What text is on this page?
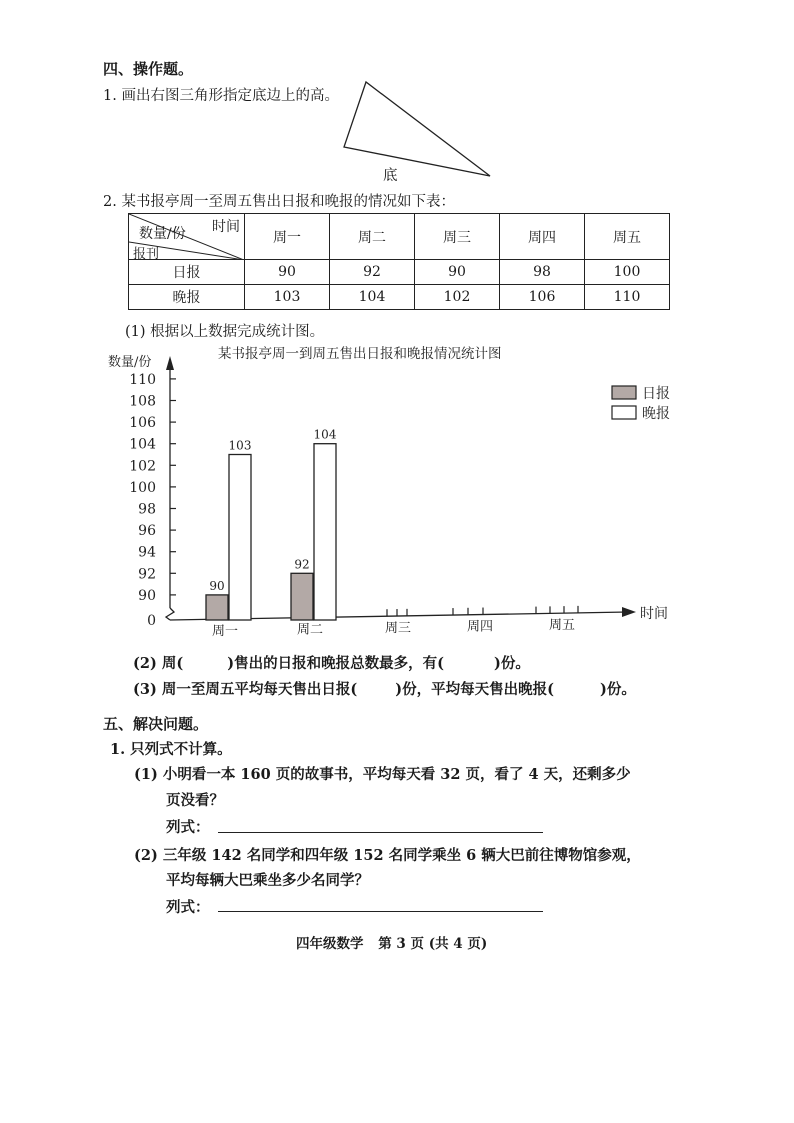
四、操作题。
1. 画出右图三角形指定底边上的高。
底
2. 某书报亭周一至周五售出日报和晚报的情况如下表：
时间
数量/份
报刊	周一	周二	周三	周四	周五
日报	90	92	90	98	100
晚报	103	104	102	106	110
(1) 根据以上数据完成统计图。
某书报亭周一到周五售出日报和晚报情况统计图
数量/份
时间
0
90
92
94
96
98
100
102
104
106
108
110
周一	周二	周三	周四	周五
90
92
103
104
日报
晚报
(2) 周(	)售出的日报和晚报总数最多，有(	)份。
(3) 周一至周五平均每天售出日报(	)份，平均每天售出晚报(	)份。
五、解决问题。
1. 只列式不计算。
(1) 小明看一本 160 页的故事书，平均每天看 32 页，看了 4 天，还剩多少
页没看？
列式：
(2) 三年级 142 名同学和四年级 152 名同学乘坐 6 辆大巴前往博物馆参观，
平均每辆大巴乘坐多少名同学？
列式：
四年级数学 第 3 页 (共 4 页)
